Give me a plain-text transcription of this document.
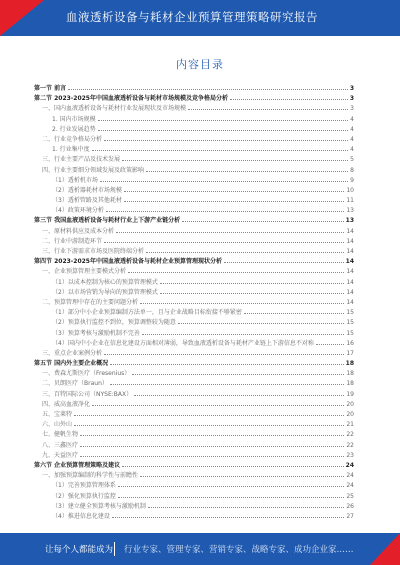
血液透析设备与耗材企业预算管理策略研究报告
内容目录
第一节 前言	3
第二节 2023-2025年中国血液透析设备与耗材市场规模及竞争格局分析	3
一、国内血液透析设备与耗材行业发展现状及市场规模	3
1. 国内市场规模	4
2. 行业发展趋势	4
二、行业竞争格局分析	4
1. 行业集中度	4
三、行业主要产品及技术发展	5
四、行业主要细分领域发展及政策影响	8
（1）透析机市场	9
（2）透析器耗材市场规模	10
（3）透析管路及其他耗材	11
（4）政策环境分析	13
第三节 我国血液透析设备与耗材行业上下游产业链分析	13
一、原材料供应及成本分析	14
二、行业中游制造环节	14
三、行业下游需求市场及医院终端分析	14
第四节 2023-2025年中国血液透析设备与耗材企业预算管理现状分析	14
一、企业预算管理主要模式分析	14
（1）以成本控制为核心的预算管理模式	14
（2）以市场营销为导向的预算管理模式	14
二、预算管理中存在的主要问题分析	14
（1）部分中小企业预算编制方法单一，且与企业战略目标衔接不够紧密	15
（2）预算执行监控不到位，预算调整较为随意	15
（3）预算考核与激励机制不完善	15
（4）国内中小企业在信息化建设方面相对薄弱，导致血液透析设备与耗材产业链上下游信息不对称	16
三、重点企业案例分析	17
第五节 国内外主要企业概况	18
一、费森尤斯医疗（Fresenius）	18
二、贝朗医疗（Braun）	18
三、百特国际公司（NYSE:BAX）	19
四、威高血液净化	20
五、宝莱特	20
六、山外山	21
七、健帆生物	22
八、三鑫医疗	22
九、天益医疗	23
第六节 企业预算管理策略及建议	24
一、加强预算编制的科学性与前瞻性	24
（1）完善预算管理体系	24
（2）强化预算执行监控	25
（3）建立健全预算考核与激励机制	26
（4）推进信息化建设	27
让每个人都能成为 行业专家、管理专家、营销专家、战略专家、成功企业家……
